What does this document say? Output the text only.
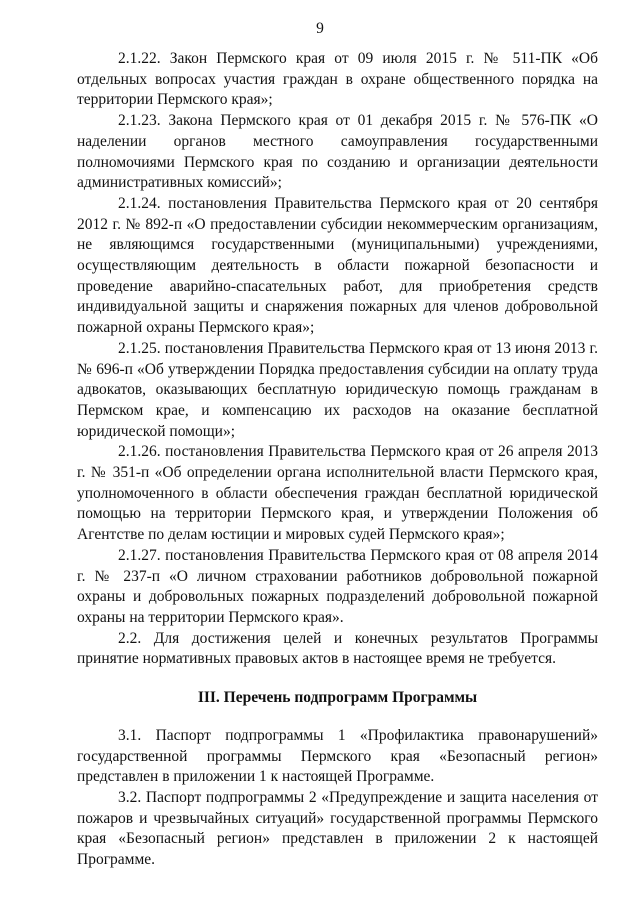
9

2.1.22. Закон Пермского края от 09 июля 2015 г. № 511-ПК «Об отдельных вопросах участия граждан в охране общественного порядка на территории Пермского края»;

2.1.23. Закона Пермского края от 01 декабря 2015 г. № 576-ПК «О наделении органов местного самоуправления государственными полномочиями Пермского края по созданию и организации деятельности административных комиссий»;

2.1.24. постановления Правительства Пермского края от 20 сентября 2012 г. № 892-п «О предоставлении субсидии некоммерческим организациям, не являющимся государственными (муниципальными) учреждениями, осуществляющим деятельность в области пожарной безопасности и проведение аварийно-спасательных работ, для приобретения средств индивидуальной защиты и снаряжения пожарных для членов добровольной пожарной охраны Пермского края»;

2.1.25. постановления Правительства Пермского края от 13 июня 2013 г. № 696-п «Об утверждении Порядка предоставления субсидии на оплату труда адвокатов, оказывающих бесплатную юридическую помощь гражданам в Пермском крае, и компенсацию их расходов на оказание бесплатной юридической помощи»;

2.1.26. постановления Правительства Пермского края от 26 апреля 2013 г. № 351-п «Об определении органа исполнительной власти Пермского края, уполномоченного в области обеспечения граждан бесплатной юридической помощью на территории Пермского края, и утверждении Положения об Агентстве по делам юстиции и мировых судей Пермского края»;

2.1.27. постановления Правительства Пермского края от 08 апреля 2014 г. № 237-п «О личном страховании работников добровольной пожарной охраны и добровольных пожарных подразделений добровольной пожарной охраны на территории Пермского края».

2.2. Для достижения целей и конечных результатов Программы принятие нормативных правовых актов в настоящее время не требуется.

III. Перечень подпрограмм Программы

3.1. Паспорт подпрограммы 1 «Профилактика правонарушений» государственной программы Пермского края «Безопасный регион» представлен в приложении 1 к настоящей Программе.

3.2. Паспорт подпрограммы 2 «Предупреждение и защита населения от пожаров и чрезвычайных ситуаций» государственной программы Пермского края «Безопасный регион» представлен в приложении 2 к настоящей Программе.
